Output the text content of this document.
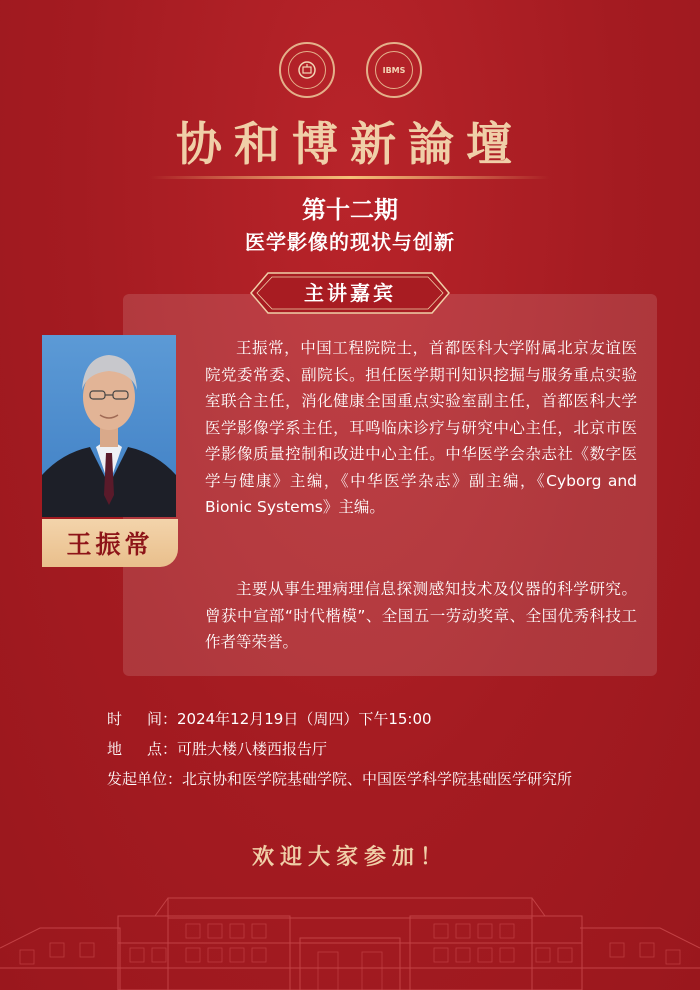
IBMS
协和博新論壇
第十二期
医学影像的现状与创新
主讲嘉宾
王振常

王振常，中国工程院院士，首都医科大学附属北京友谊医院党委常委、副院长。担任医学期刊知识挖掘与服务重点实验室联合主任，消化健康全国重点实验室副主任，首都医科大学医学影像学系主任，耳鸣临床诊疗与研究中心主任，北京市医学影像质量控制和改进中心主任。中华医学会杂志社《数字医学与健康》主编，《中华医学杂志》副主编，《Cyborg and Bionic Systems》主编。

主要从事生理病理信息探测感知技术及仪器的科学研究。曾获中宣部“时代楷模”、全国五一劳动奖章、全国优秀科技工作者等荣誉。

时 间： 2024年12月19日（周四）下午15:00
地 点： 可胜大楼八楼西报告厅
发起单位： 北京协和医学院基础学院、中国医学科学院基础医学研究所
欢迎大家参加！
